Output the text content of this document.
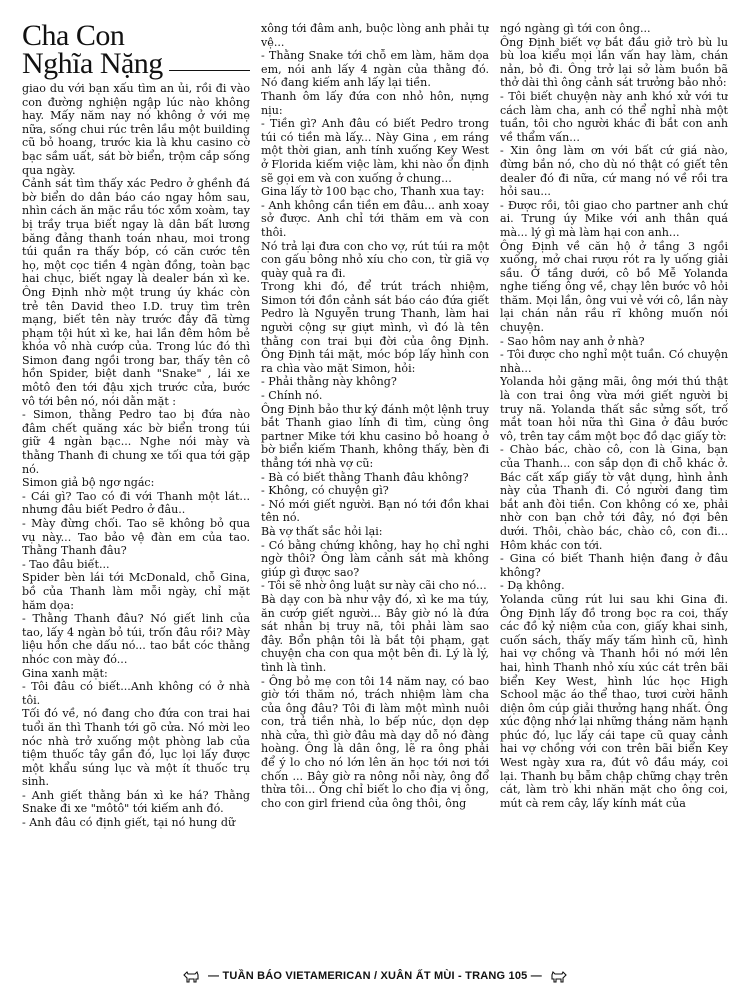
Cha Con
Nghĩa Nặng

giao du với bạn xấu tìm an ủi, rồi đi vào con đường nghiện ngập lúc nào không hay. Mấy năm nay nó không ở với mẹ nữa, sống chui rúc trên lầu một building cũ bỏ hoang, trước kia là khu casino cờ bạc sầm uất, sát bờ biển, trộm cắp sống qua ngày.

Cảnh sát tìm thấy xác Pedro ở ghềnh đá bờ biển do dân báo cáo ngay hôm sau, nhìn cách ăn mặc rầu tóc xồm xoàm, tay bị trầy trụa biết ngay là dân bất lương băng đảng thanh toán nhau, moi trong túi quần ra thấy bóp, có căn cước tên họ, một cọc tiền 4 ngàn đồng, toàn bạc hai chục, biết ngay là dealer bán xì ke. Ông Định nhờ một trung úy khác còn trẻ tên David theo I.D. truy tìm trên mạng, biết tên này trước đây đã từng phạm tội hút xì ke, hai lần đêm hôm bẻ khóa vô nhà cướp của. Trong lúc đó thì Simon đang ngồi trong bar, thấy tên cô hồn Spider, biệt danh "Snake" , lái xe môtô đen tới đậu xịch trước cửa, bước vô tới bên nó, nói dằn mặt :

- Simon, thằng Pedro tao bị đứa nào đâm chết quăng xác bờ biển trong túi giữ 4 ngàn bạc... Nghe nói mày và thằng Thanh đi chung xe tối qua tới gặp nó.

Simon giả bộ ngơ ngác:

- Cái gì? Tao có đi với Thanh một lát... nhưng đâu biết Pedro ở đâu..

- Mày đừng chối. Tao sẽ không bỏ qua vụ này... Tao bảo vệ đàn em của tao. Thằng Thanh đâu?

- Tao đâu biết...

Spider bèn lái tới McDonald, chỗ Gina, bồ của Thanh làm mỗi ngày, chỉ mặt hăm dọa:

- Thằng Thanh đâu? Nó giết linh của tao, lấy 4 ngàn bỏ túi, trốn đâu rồi? Mày liệu hồn che dấu nó... tao bắt cóc thằng nhóc con mày đó...

Gina xanh mặt:

- Tôi đâu có biết...Anh không có ở nhà tôi.

Tối đó về, nó đang cho đứa con trai hai tuổi ăn thì Thanh tới gõ cửa. Nó mời leo nóc nhà trở xuống một phòng lab của tiệm thuốc tây gần đó, lục lọi lấy được một khẩu súng lục và một ít thuốc trụ sinh.

- Anh giết thằng bán xì ke há? Thằng Snake đi xe "môtô" tới kiếm anh đó.

- Anh đâu có định giết, tại nó hung dữ

xông tới đâm anh, buộc lòng anh phải tự vệ...

- Thằng Snake tới chỗ em làm, hăm dọa em, nói anh lấy 4 ngàn của thằng đó. Nó đang kiếm anh lấy lại tiền.

Thanh ôm lấy đứa con nhỏ hôn, nựng nịu:

- Tiền gì? Anh đâu có biết Pedro trong túi có tiền mà lấy... Này Gina , em ráng một thời gian, anh tính xuống Key West ở Florida kiếm việc làm, khi nào ổn định sẽ gọi em và con xuống ở chung...

Gina lấy tờ 100 bạc cho, Thanh xua tay:

- Anh không cần tiền em đâu... anh xoay sở được. Anh chỉ tới thăm em và con thôi.

Nó trả lại đưa con cho vợ, rút túi ra một con gấu bông nhỏ xíu cho con, từ giã vợ quày quả ra đi.

Trong khi đó, để trút trách nhiệm, Simon tới đồn cảnh sát báo cáo đứa giết Pedro là Nguyễn trung Thanh, làm hai người cộng sự giựt mình, vì đó là tên thằng con trai bụi đời của ông Định. Ông Định tái mặt, móc bóp lấy hình con ra chìa vào mặt Simon, hỏi:

- Phải thằng này không?

- Chính nó.

Ông Định bảo thư ký đánh một lệnh truy bắt Thanh giao lính đi tìm, cùng ông partner Mike tới khu casino bỏ hoang ở bờ biển kiếm Thanh, không thấy, bèn đi thẳng tới nhà vợ cũ:

- Bà có biết thằng Thanh đâu không?

- Không, có chuyện gì?

- Nó mới giết người. Bạn nó tới đồn khai tên nó.

Bà vợ thất sắc hỏi lại:

- Có bằng chứng không, hay họ chỉ nghi ngờ thôi? Ông làm cảnh sát mà không giúp gì được sao?

- Tôi sẽ nhờ ông luật sư này cãi cho nó...

Bà dạy con bà như vậy đó, xì ke ma túy, ăn cướp giết người... Bây giờ nó là đứa sát nhân bị truy nã, tôi phải làm sao đây. Bổn phận tôi là bắt tội phạm, gạt chuyện cha con qua một bên đi. Lý là lý, tình là tình.

- Ông bỏ mẹ con tôi 14 năm nay, có bao giờ tới thăm nó, trách nhiệm làm cha của ông đâu? Tôi đi làm một mình nuôi con, trả tiền nhà, lo bếp núc, dọn dẹp nhà cửa, thì giờ đâu mà dạy dỗ nó đàng hoàng. Ông là dân ông, lẽ ra ông phải để ý lo cho nó lớn lên ăn học tới nơi tới chốn ... Bây giờ ra nông nỗi này, ông đổ thừa tôi... Ông chỉ biết lo cho địa vị ông, cho con girl friend của ông thôi, ông

ngó ngàng gì tới con ông...

Ông Định biết vợ bắt đầu giở trò bù lu bù loa kiểu mọi lần vấn hay làm, chán nản, bỏ đi. Ông trở lại sở làm buồn bã thở dài thì ông cảnh sát trưởng bảo nhỏ:

- Tôi biết chuyện này anh khó xử với tư cách làm cha, anh có thể nghỉ nhà một tuần, tôi cho người khác đi bắt con anh về thẩm vấn...

- Xin ông làm ơn với bất cứ giá nào, đừng bắn nó, cho dù nó thật có giết tên dealer đó đi nữa, cứ mang nó về rồi tra hỏi sau...

- Được rồi, tôi giao cho partner anh chứ ai. Trung úy Mike với anh thân quá mà... lý gì mà làm hại con anh...

Ông Định về căn hộ ở tầng 3 ngồi xuống, mở chai rượu rót ra ly uống giải sầu. Ở tầng dưới, cô bồ Mễ Yolanda nghe tiếng ông về, chạy lên bước vô hỏi thăm. Mọi lần, ông vui vẻ với cô, lần này lại chán nản rầu rĩ không muốn nói chuyện.

- Sao hôm nay anh ở nhà?

- Tôi được cho nghỉ một tuần. Có chuyện nhà...

Yolanda hỏi gặng mãi, ông mới thú thật là con trai ông vừa mới giết người bị truy nã. Yolanda thất sắc sửng sốt, trố mắt toan hỏi nữa thì Gina ở đâu bước vô, trên tay cầm một bọc đồ dạc giấy tờ:

- Chào bác, chào cô, con là Gina, bạn của Thanh... con sắp dọn đi chỗ khác ở. Bác cất xấp giấy tờ vật dụng, hình ảnh này của Thanh đi. Có người đang tìm bắt anh đòi tiền. Con không có xe, phải nhờ con bạn chở tới đây, nó đợi bên dưới. Thôi, chào bác, chào cô, con đi... Hôm khác con tới.

- Gina có biết Thanh hiện đang ở đâu không?

- Dạ không.

Yolanda cũng rút lui sau khi Gina đi. Ông Định lấy đồ trong bọc ra coi, thấy các đồ kỷ niệm của con, giấy khai sinh, cuốn sách, thấy mấy tấm hình cũ, hình hai vợ chồng và Thanh hồi nó mới lên hai, hình Thanh nhỏ xíu xúc cát trên bãi biển Key West, hình lúc học High School mặc áo thể thao, tươi cười hãnh diện ôm cúp giải thưởng hạng nhất. Ông xúc động nhớ lại những tháng năm hạnh phúc đó, lục lấy cái tape cũ quay cảnh hai vợ chồng với con trên bãi biển Key West ngày xưa ra, đút vô đầu máy, coi lại. Thanh bụ bẫm chập chững chạy trên cát, làm trò khi nhăn mặt cho ông coi, mút cà rem cây, lấy kính mát của

— TUẦN BÁO VIETAMERICAN / XUÂN ẤT MÙI - TRANG 105 —
